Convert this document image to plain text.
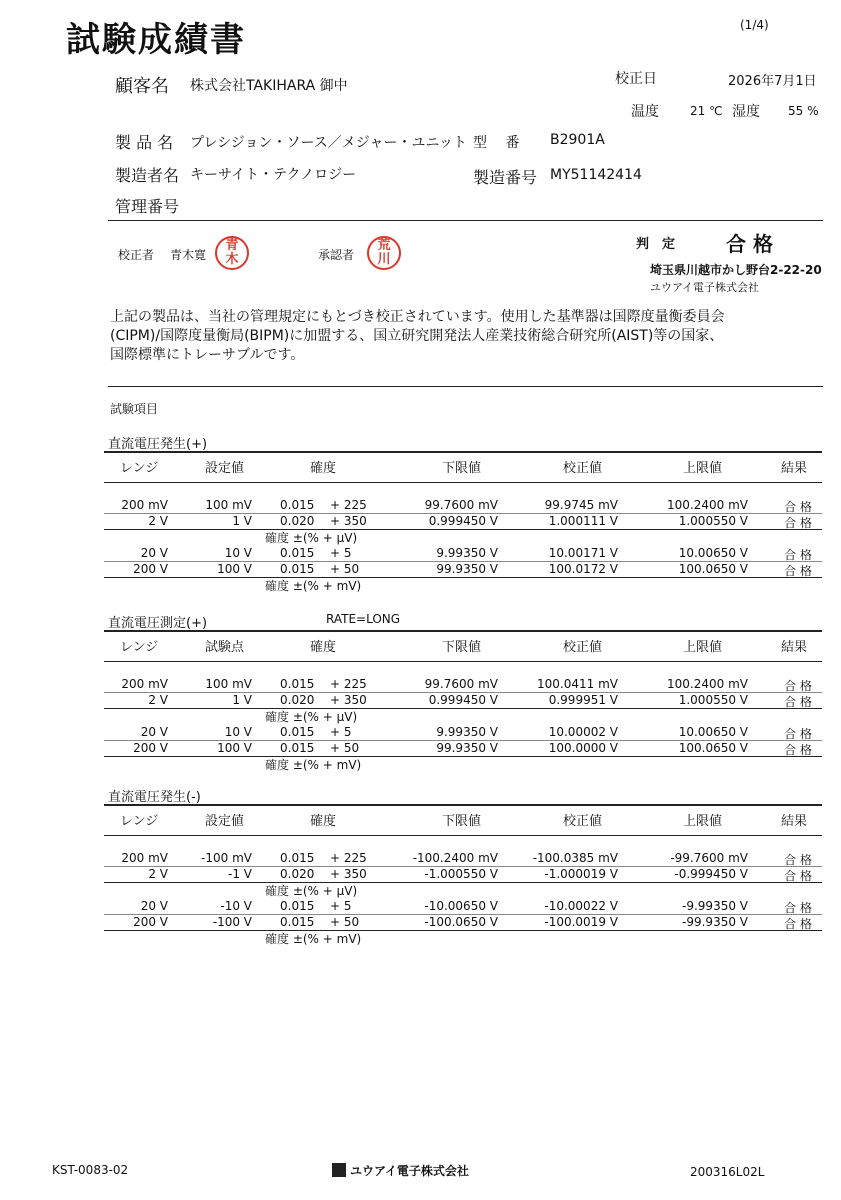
試験成績書	(1/4)
顧客名 株式会社TAKIHARA 御中	校正日	2026年7月1日
温度	21 ℃ 湿度 55 %
製 品 名 プレシジョン・ソース／メジャー・ユニット 型　 番 B2901A
製造者名 キーサイト・テクノロジー	製造番号 MY51142414
管理番号
校正者 青木寛
青
木	承認者
荒
川
判　定	合 格
埼玉県川越市かし野台2-22-20
ユウアイ電子株式会社
上記の製品は、当社の管理規定にもとづき校正されています。使用した基準器は国際度量衡委員会
(CIPM)/国際度量衡局(BIPM)に加盟する、国立研究開発法人産業技術総合研究所(AIST)等の国家、
国際標準にトレーサブルです。
試験項目
直流電圧発生(+)
レンジ	設定値	確度	下限値	校正値	上限値	結果
200 mV	100 mV 0.015	+ 225	99.7600 mV	99.9745 mV	100.2400 mV	合 格
2 V	1 V 0.020	+ 350	0.999450 V	1.000111 V	1.000550 V	合 格
確度 ±(% + μV)
20 V	10 V 0.015	+ 5	9.99350 V	10.00171 V	10.00650 V	合 格
200 V	100 V 0.015	+ 50	99.9350 V	100.0172 V	100.0650 V	合 格
確度 ±(% + mV)
直流電圧測定(+)	RATE=LONG
レンジ	試験点	確度	下限値	校正値	上限値	結果
200 mV	100 mV 0.015	+ 225	99.7600 mV	100.0411 mV	100.2400 mV	合 格
2 V	1 V 0.020	+ 350	0.999450 V	0.999951 V	1.000550 V	合 格
確度 ±(% + μV)
20 V	10 V 0.015	+ 5	9.99350 V	10.00002 V	10.00650 V	合 格
200 V	100 V 0.015	+ 50	99.9350 V	100.0000 V	100.0650 V	合 格
確度 ±(% + mV)
直流電圧発生(-)
レンジ	設定値	確度	下限値	校正値	上限値	結果
200 mV	-100 mV 0.015	+ 225	-100.2400 mV	-100.0385 mV	-99.7600 mV	合 格
2 V	-1 V 0.020	+ 350	-1.000550 V	-1.000019 V	-0.999450 V	合 格
確度 ±(% + μV)
20 V	-10 V 0.015	+ 5	-10.00650 V	-10.00022 V	-9.99350 V	合 格
200 V	-100 V 0.015	+ 50	-100.0650 V	-100.0019 V	-99.9350 V	合 格
確度 ±(% + mV)
KST-0083-02	ユウアイ電子株式会社	200316L02L
